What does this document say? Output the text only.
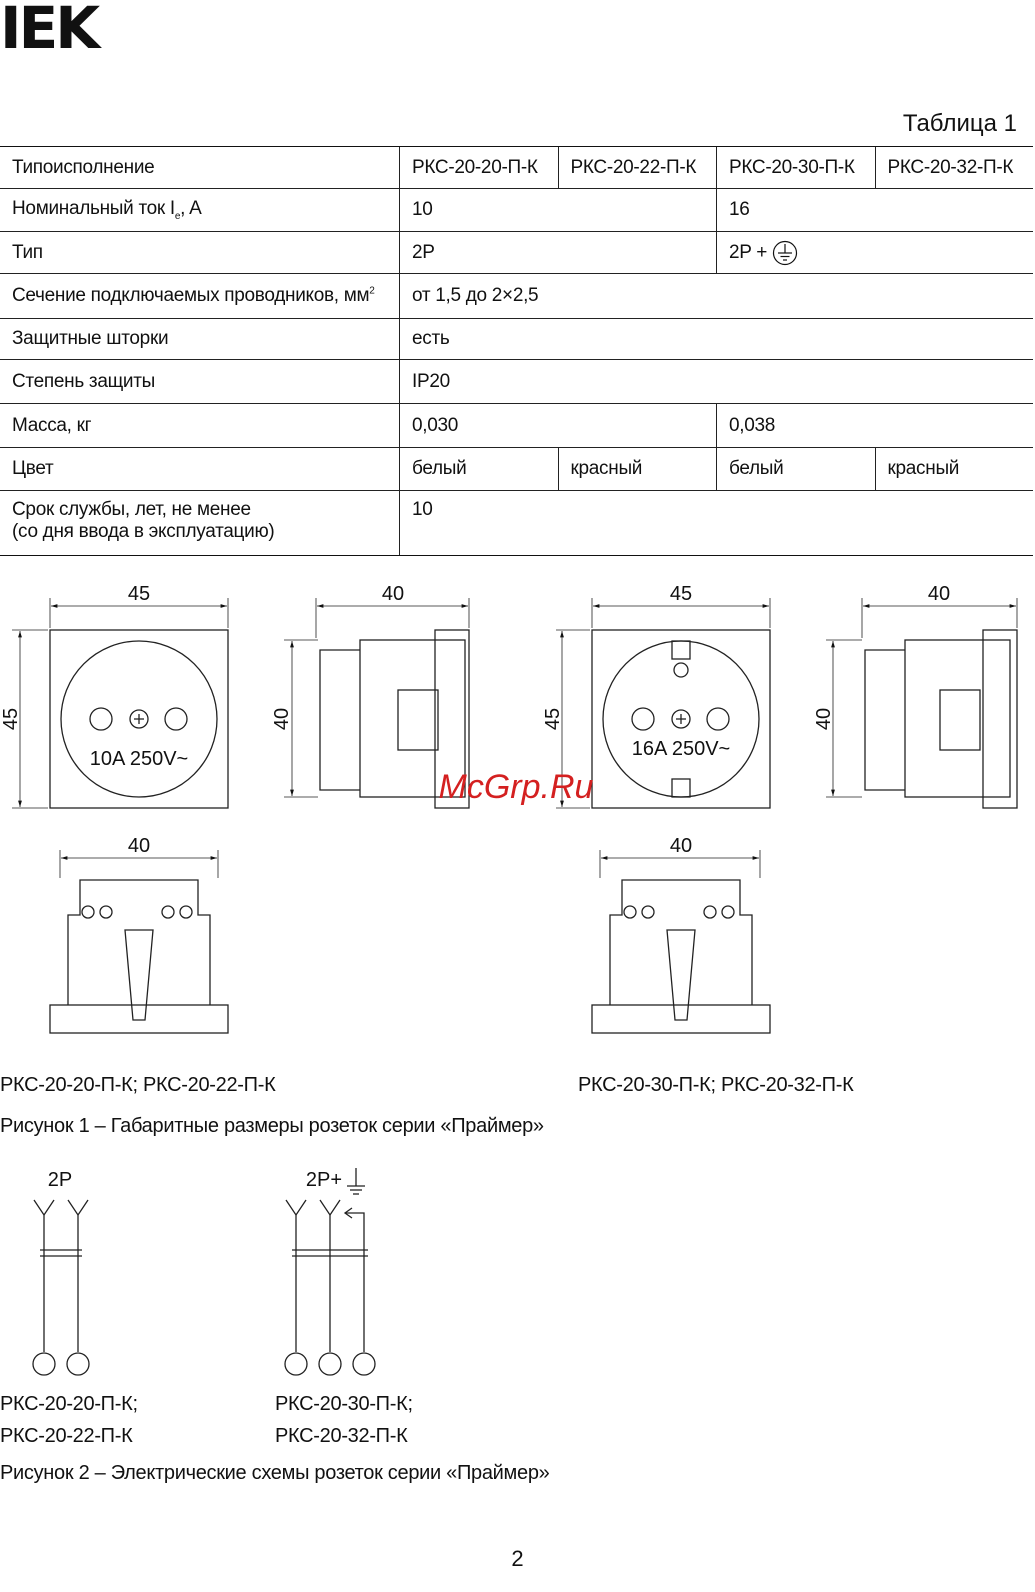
IEK
Таблица 1
Типоисполнение	РКС-20-20-П-К	РКС-20-22-П-К	РКС-20-30-П-К	РКС-20-32-П-К
Номинальный ток $I_e$, A	10		16	
Тип	2P		2P +	
Сечение подключаемых проводников, $мм^2$	от 1,5 до 2×2,5			
Защитные шторки	есть			
Степень защиты	IP20			
Масса, кг	0,030		0,038	
Цвет	белый	красный	белый	красный

Срок службы, лет, не менее
(со дня ввода в эксплуатацию)	10			
45	40	45	40
40	40
45	40	45	40
10A 250V~	16A 250V~
McGrp.Ru
РКС-20-20-П-К; РКС-20-22-П-К	РКС-20-30-П-К; РКС-20-32-П-К
Рисунок 1 – Габаритные размеры розеток серии «Праймер»
2P	2P+
РКС-20-20-П-К;
РКС-20-22-П-К
РКС-20-30-П-К;
РКС-20-32-П-К
Рисунок 2 – Электрические схемы розеток серии «Праймер»
2
